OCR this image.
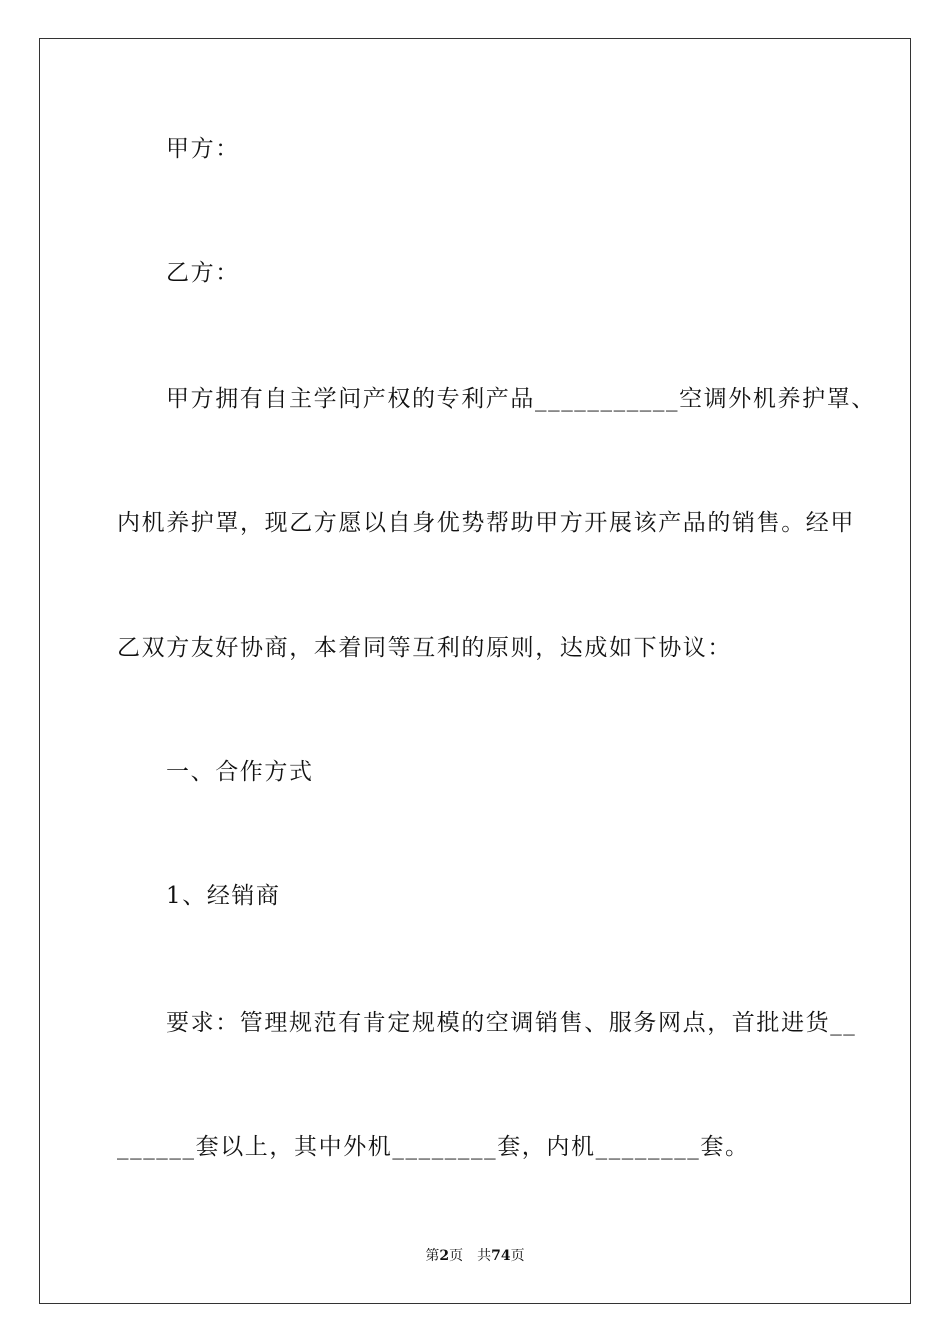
甲方：
乙方：
甲方拥有自主学问产权的专利产品___________空调外机养护罩、
内机养护罩，现乙方愿以自身优势帮助甲方开展该产品的销售。经甲
乙双方友好协商，本着同等互利的原则，达成如下协议：
一、合作方式
1、经销商
要求：管理规范有肯定规模的空调销售、服务网点，首批进货__
______套以上，其中外机________套，内机________套。
第2页 共74页
